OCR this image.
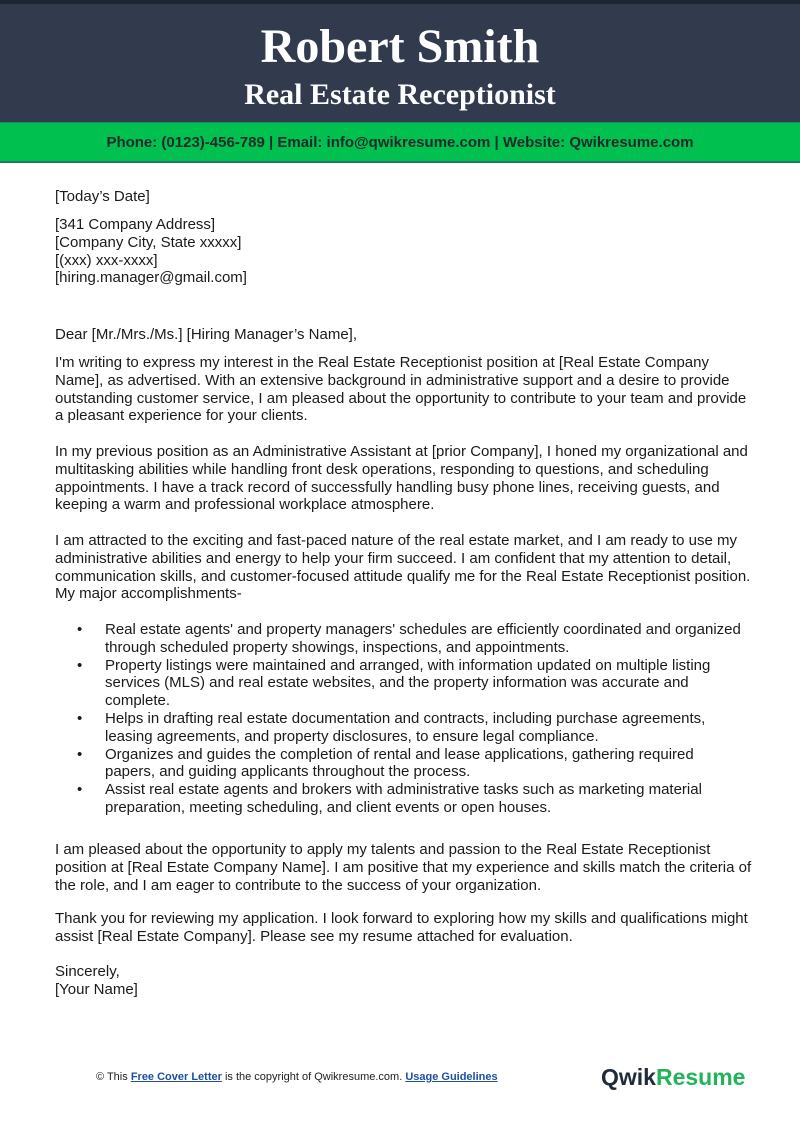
Robert Smith
Real Estate Receptionist
Phone: (0123)-456-789 | Email: info@qwikresume.com | Website: Qwikresume.com
[Today’s Date]
[341 Company Address]
[Company City, State xxxxx]
[(xxx) xxx-xxxx]
[hiring.manager@gmail.com]
Dear [Mr./Mrs./Ms.] [Hiring Manager’s Name],
I'm writing to express my interest in the Real Estate Receptionist position at [Real Estate Company Name], as advertised. With an extensive background in administrative support and a desire to provide outstanding customer service, I am pleased about the opportunity to contribute to your team and provide a pleasant experience for your clients.
In my previous position as an Administrative Assistant at [prior Company], I honed my organizational and multitasking abilities while handling front desk operations, responding to questions, and scheduling appointments. I have a track record of successfully handling busy phone lines, receiving guests, and keeping a warm and professional workplace atmosphere.
I am attracted to the exciting and fast-paced nature of the real estate market, and I am ready to use my administrative abilities and energy to help your firm succeed. I am confident that my attention to detail, communication skills, and customer-focused attitude qualify me for the Real Estate Receptionist position. My major accomplishments-
• Real estate agents' and property managers' schedules are efficiently coordinated and organized through scheduled property showings, inspections, and appointments.
• Property listings were maintained and arranged, with information updated on multiple listing services (MLS) and real estate websites, and the property information was accurate and complete.
• Helps in drafting real estate documentation and contracts, including purchase agreements, leasing agreements, and property disclosures, to ensure legal compliance.
• Organizes and guides the completion of rental and lease applications, gathering required papers, and guiding applicants throughout the process.
• Assist real estate agents and brokers with administrative tasks such as marketing material preparation, meeting scheduling, and client events or open houses.
I am pleased about the opportunity to apply my talents and passion to the Real Estate Receptionist position at [Real Estate Company Name]. I am positive that my experience and skills match the criteria of the role, and I am eager to contribute to the success of your organization.
Thank you for reviewing my application. I look forward to exploring how my skills and qualifications might assist [Real Estate Company]. Please see my resume attached for evaluation.
Sincerely,
[Your Name]
© This Free Cover Letter is the copyright of Qwikresume.com. Usage Guidelines	QwikResume
